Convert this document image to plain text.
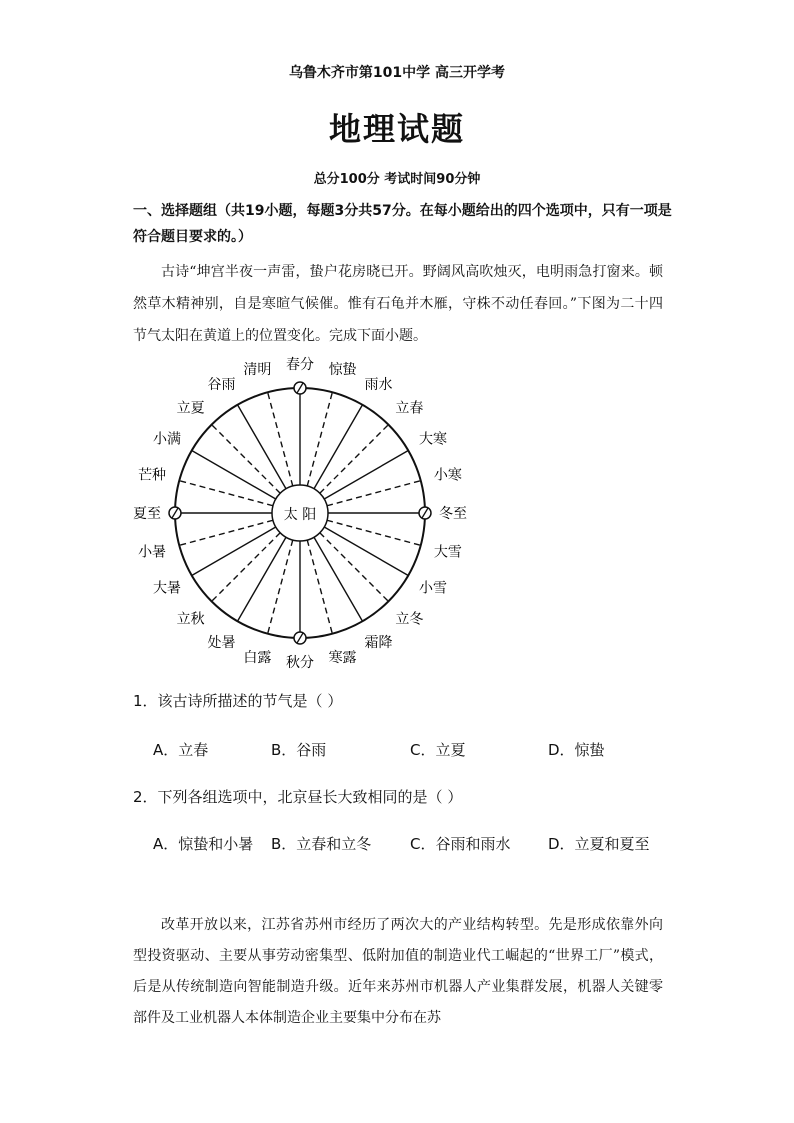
乌鲁木齐市第101中学 高三开学考
地理试题
总分100分 考试时间90分钟
一、选择题组（共19小题，每题3分共57分。在每小题给出的四个选项中，只有一项是符合题目要求的。）
古诗“坤宫半夜一声雷，蛰户花房晓已开。野阔风高吹烛灭，电明雨急打窗来。顿然草木精神别，自是寒暄气候催。惟有石龟并木雁，守株不动任春回。”下图为二十四节气太阳在黄道上的位置变化。完成下面小题。
太 阳
春分 惊蛰
雨水
立春
大寒
小寒
冬至
大雪
小雪
立冬
霜降
寒露
秋分
白露
处暑
立秋
大暑
小暑
夏至
芒种
小满
立夏
谷雨
清明
1．该古诗所描述的节气是（ ）
A．立春	B．谷雨	C．立夏	D．惊蛰
2．下列各组选项中，北京昼长大致相同的是（ ）
A．惊蛰和小暑 B．立春和立冬	C．谷雨和雨水	D．立夏和夏至
改革开放以来，江苏省苏州市经历了两次大的产业结构转型。先是形成依靠外向型投资驱动、主要从事劳动密集型、低附加值的制造业代工崛起的“世界工厂”模式，后是从传统制造向智能制造升级。近年来苏州市机器人产业集群发展，机器人关键零部件及工业机器人本体制造企业主要集中分布在苏
